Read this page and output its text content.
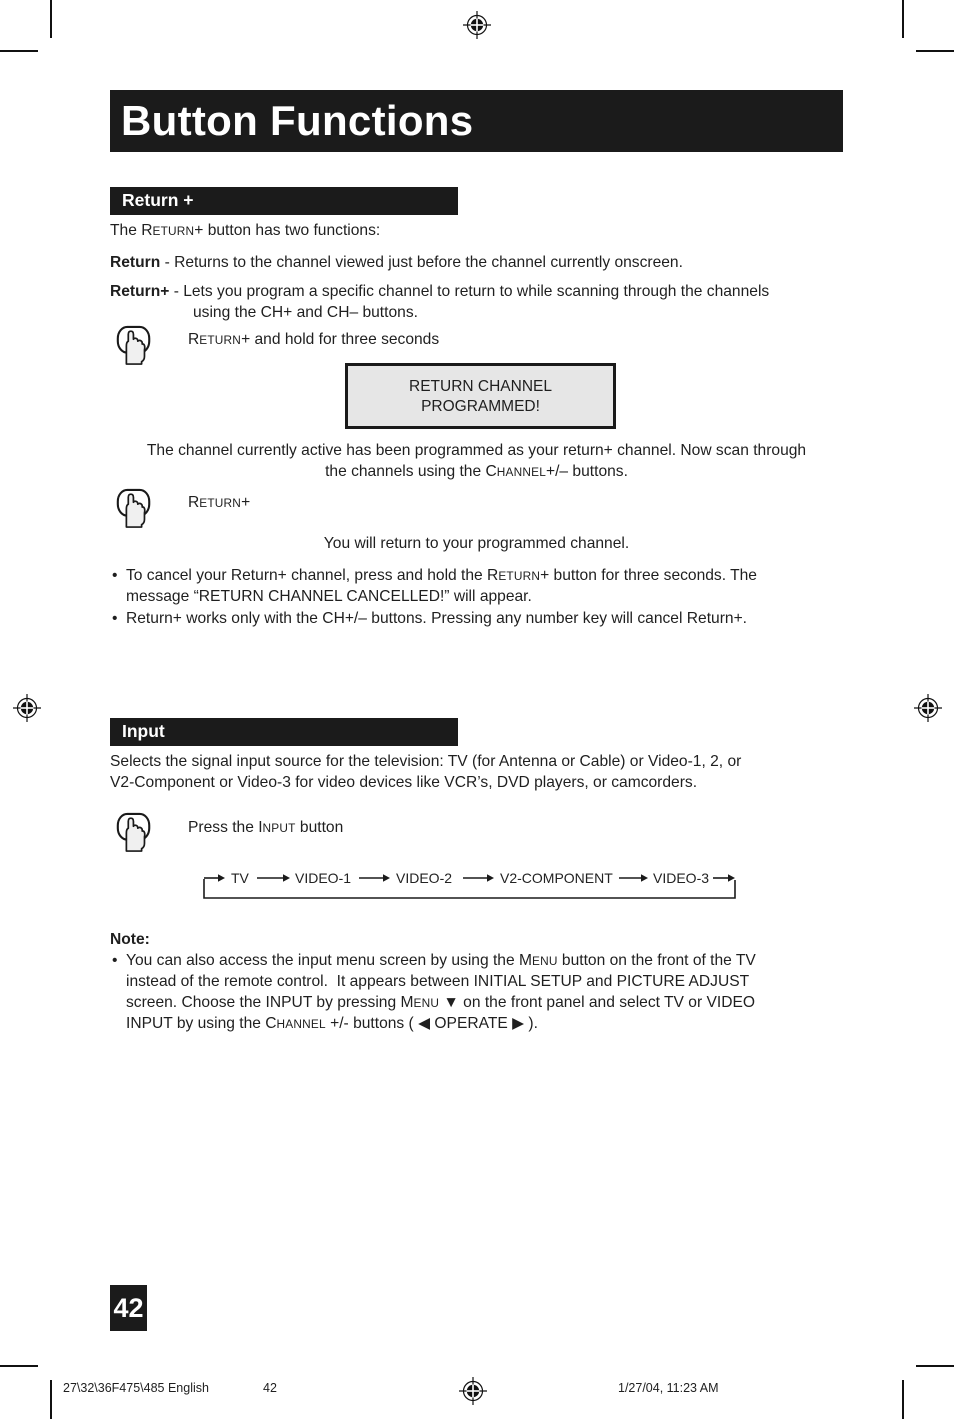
Button Functions
Return +
The RETURN+ button has two functions:
Return - Returns to the channel viewed just before the channel currently onscreen.
Return+ - Lets you program a specific channel to return to while scanning through the channels
using the CH+ and CH– buttons.
RETURN+ and hold for three seconds
RETURN CHANNEL
PROGRAMMED!
The channel currently active has been programmed as your return+ channel. Now scan through
the channels using the CHANNEL+/– buttons.
RETURN+
You will return to your programmed channel.
• To cancel your Return+ channel, press and hold the RETURN+ button for three seconds. The
message “RETURN CHANNEL CANCELLED!” will appear.
• Return+ works only with the CH+/– buttons. Pressing any number key will cancel Return+.
Input
Selects the signal input source for the television: TV (for Antenna or Cable) or Video-1, 2, or
V2-Component or Video-3 for video devices like VCR’s, DVD players, or camcorders.
Press the INPUT button
TV	VIDEO-1	VIDEO-2	V2-COMPONENT	VIDEO-3
Note:
• You can also access the input menu screen by using the MENU button on the front of the TV
instead of the remote control.  It appears between INITIAL SETUP and PICTURE ADJUST
screen. Choose the INPUT by pressing MENU ▼ on the front panel and select TV or VIDEO
INPUT by using the CHANNEL +/- buttons ( ◀ OPERATE ▶ ).
42
27\32\36F475\485 English	42	1/27/04, 11:23 AM
